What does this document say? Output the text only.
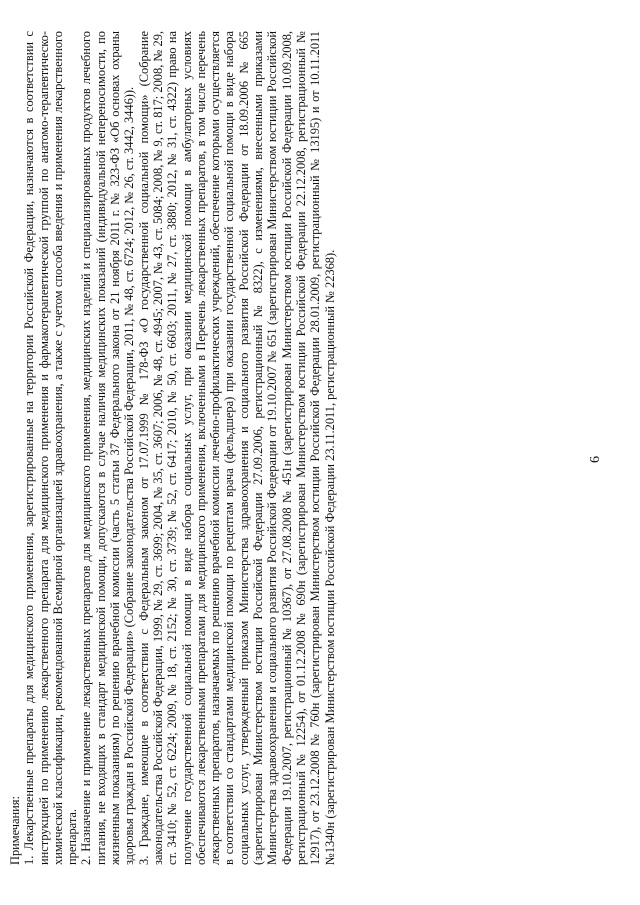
6

Примечания: 1. Лекарственные препараты для медицинского применения, зарегистрированные на территории Российской Федерации, назначаются в соответствии с инструкцией по применению лекарственного препарата для медицинского применения и фармакотерапевтической группой по анатомо-терапевтическо-химической классификации, рекомендованной Всемирной организацией здравоохранения, а также с учетом способа введения и применения лекарственного препарата. 2. Назначение и применение лекарственных препаратов для медицинского применения, медицинских изделий и специализированных продуктов лечебного питания, не входящих в стандарт медицинской помощи, допускаются в случае наличия медицинских показаний (индивидуальной непереносимости, по жизненным показаниям) по решению врачебной комиссии (часть 5 статьи 37 Федерального закона от 21 ноября 2011 г. № 323-ФЗ «Об основах охраны здоровья граждан в Российской Федерации» (Собрание законодательства Российской Федерации, 2011, № 48, ст. 6724; 2012, № 26, ст. 3442, 3446)). 3. Граждане, имеющие в соответствии с Федеральным законом от 17.07.1999 № 178-ФЗ «О государственной социальной помощи» (Собрание законодательства Российской Федерации, 1999, № 29, ст. 3699; 2004, № 35, ст. 3607; 2006, № 48, ст. 4945; 2007, № 43, ст. 5084; 2008, № 9, ст. 817; 2008, № 29, ст. 3410; № 52, ст. 6224; 2009, № 18, ст. 2152; № 30, ст. 3739; № 52, ст. 6417; 2010, № 50, ст. 6603; 2011, № 27, ст. 3880; 2012, № 31, ст. 4322) право на получение государственной социальной помощи в виде набора социальных услуг, при оказании медицинской помощи в амбулаторных условиях обеспечиваются лекарственными препаратами для медицинского применения, включенными в Перечень лекарственных препаратов, в том числе перечень лекарственных препаратов, назначаемых по решению врачебной комиссии лечебно-профилактических учреждений, обеспечение которыми осуществляется в соответствии со стандартами медицинской помощи по рецептам врача (фельдшера) при оказании государственной социальной помощи в виде набора социальных услуг, утвержденный приказом Министерства здравоохранения и социального развития Российской Федерации от 18.09.2006 № 665 (зарегистрирован Министерством юстиции Российской Федерации 27.09.2006, регистрационный № 8322), с изменениями, внесенными приказами Министерства здравоохранения и социального развития Российской Федерации от 19.10.2007 № 651 (зарегистрирован Министерством юстиции Российской Федерации 19.10.2007, регистрационный № 10367), от 27.08.2008 № 451н (зарегистрирован Министерством юстиции Российской Федерации 10.09.2008, регистрационный № 12254), от 01.12.2008 № 690н (зарегистрирован Министерством юстиции Российской Федерации 22.12.2008, регистрационный № 12917), от 23.12.2008 № 760н (зарегистрирован Министерством юстиции Российской Федерации 28.01.2009, регистрационный № 13195) и от 10.11.2011 №1340н (зарегистрирован Министерством юстиции Российской Федерации 23.11.2011, регистрационный № 22368).
